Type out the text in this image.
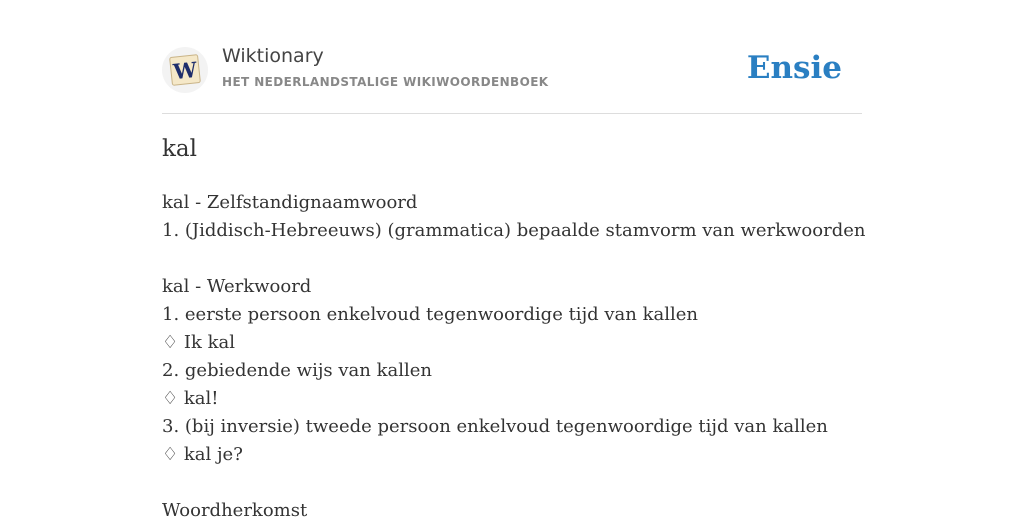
W
Wiktionary
HET NEDERLANDSTALIGE WIKIWOORDENBOEK	Ensie
kal
kal - Zelfstandignaamwoord
1. (Jiddisch-Hebreeuws) (grammatica) bepaalde stamvorm van werkwoorden
kal - Werkwoord
1. eerste persoon enkelvoud tegenwoordige tijd van kallen
♢ Ik kal
2. gebiedende wijs van kallen
♢ kal!
3. (bij inversie) tweede persoon enkelvoud tegenwoordige tijd van kallen
♢ kal je?
Woordherkomst
